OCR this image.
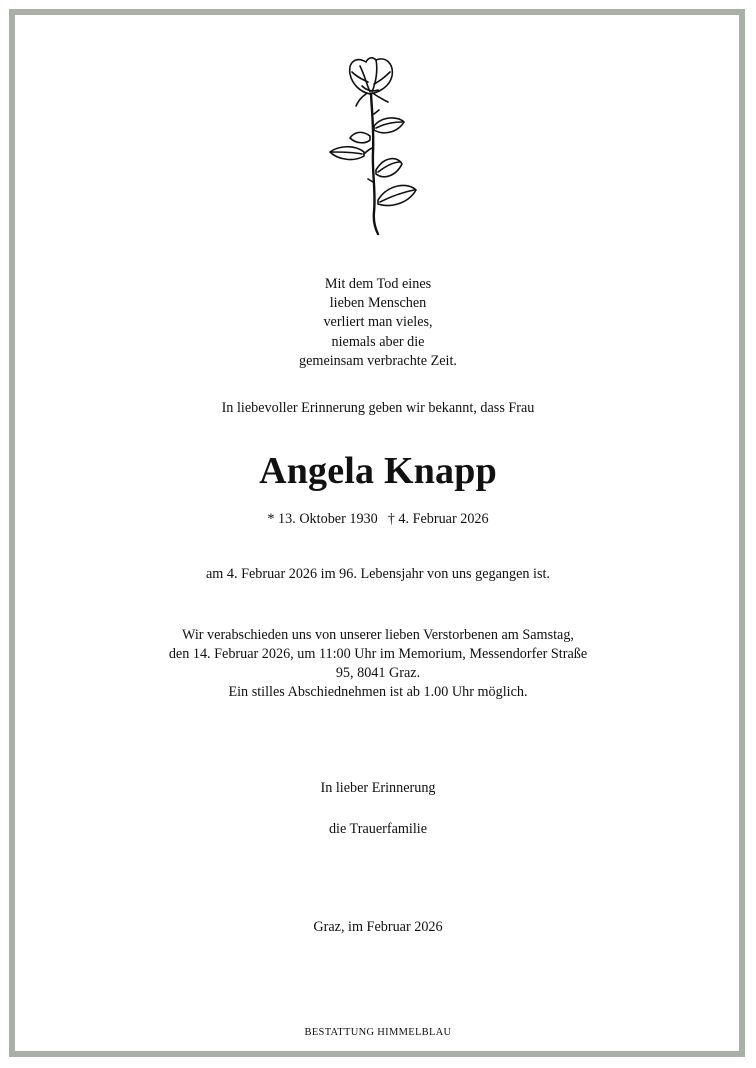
Mit dem Tod eines
lieben Menschen
verliert man vieles,
niemals aber die
gemeinsam verbrachte Zeit.
In liebevoller Erinnerung geben wir bekannt, dass Frau
Angela Knapp
* 13. Oktober 1930 † 4. Februar 2026
am 4. Februar 2026 im 96. Lebensjahr von uns gegangen ist.
Wir verabschieden uns von unserer lieben Verstorbenen am Samstag,
den 14. Februar 2026, um 11:00 Uhr im Memorium, Messendorfer Straße
95, 8041 Graz.
Ein stilles Abschiednehmen ist ab 1.00 Uhr möglich.
In lieber Erinnerung
die Trauerfamilie
Graz, im Februar 2026
BESTATTUNG HIMMELBLAU
